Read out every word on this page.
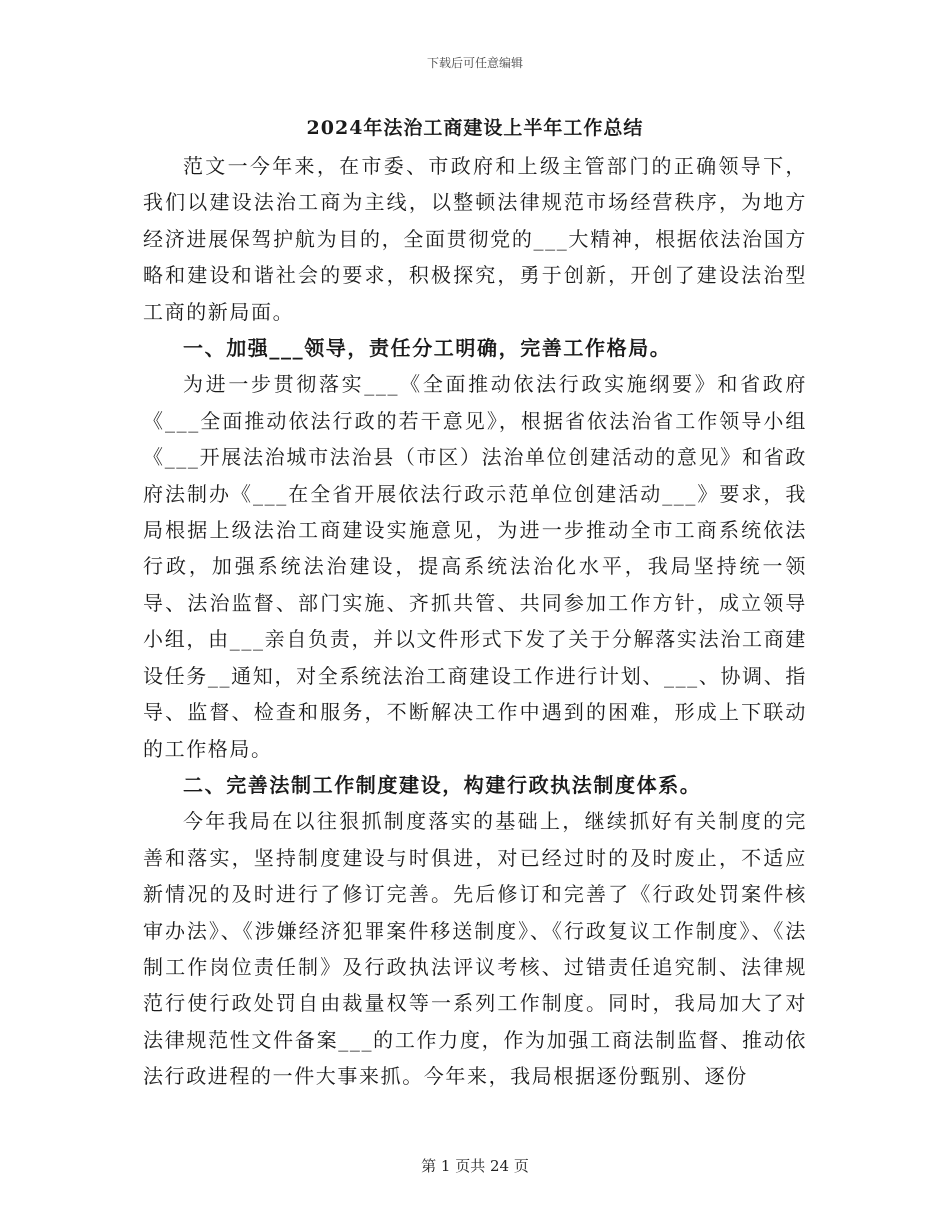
下载后可任意编辑
2024年法治工商建设上半年工作总结

范文一今年来，在市委、市政府和上级主管部门的正确领导下，我们以建设法治工商为主线，以整顿法律规范市场经营秩序，为地方经济进展保驾护航为目的，全面贯彻党的___大精神，根据依法治国方略和建设和谐社会的要求，积极探究，勇于创新，开创了建设法治型工商的新局面。

一、加强___领导，责任分工明确，完善工作格局。

为进一步贯彻落实___《全面推动依法行政实施纲要》和省政府《___全面推动依法行政的若干意见》，根据省依法治省工作领导小组《___开展法治城市法治县（市区）法治单位创建活动的意见》和省政府法制办《___在全省开展依法行政示范单位创建活动___》要求，我局根据上级法治工商建设实施意见，为进一步推动全市工商系统依法行政，加强系统法治建设，提高系统法治化水平，我局坚持统一领导、法治监督、部门实施、齐抓共管、共同参加工作方针，成立领导小组，由___亲自负责，并以文件形式下发了关于分解落实法治工商建设任务__通知，对全系统法治工商建设工作进行计划、___、协调、指导、监督、检查和服务，不断解决工作中遇到的困难，形成上下联动的工作格局。

二、完善法制工作制度建设，构建行政执法制度体系。

今年我局在以往狠抓制度落实的基础上，继续抓好有关制度的完善和落实，坚持制度建设与时俱进，对已经过时的及时废止，不适应新情况的及时进行了修订完善。先后修订和完善了《行政处罚案件核审办法》、《涉嫌经济犯罪案件移送制度》、《行政复议工作制度》、《法制工作岗位责任制》及行政执法评议考核、过错责任追究制、法律规范行使行政处罚自由裁量权等一系列工作制度。同时，我局加大了对法律规范性文件备案___的工作力度，作为加强工商法制监督、推动依法行政进程的一件大事来抓。今年来，我局根据逐份甄别、逐份

第 1 页共 24 页
